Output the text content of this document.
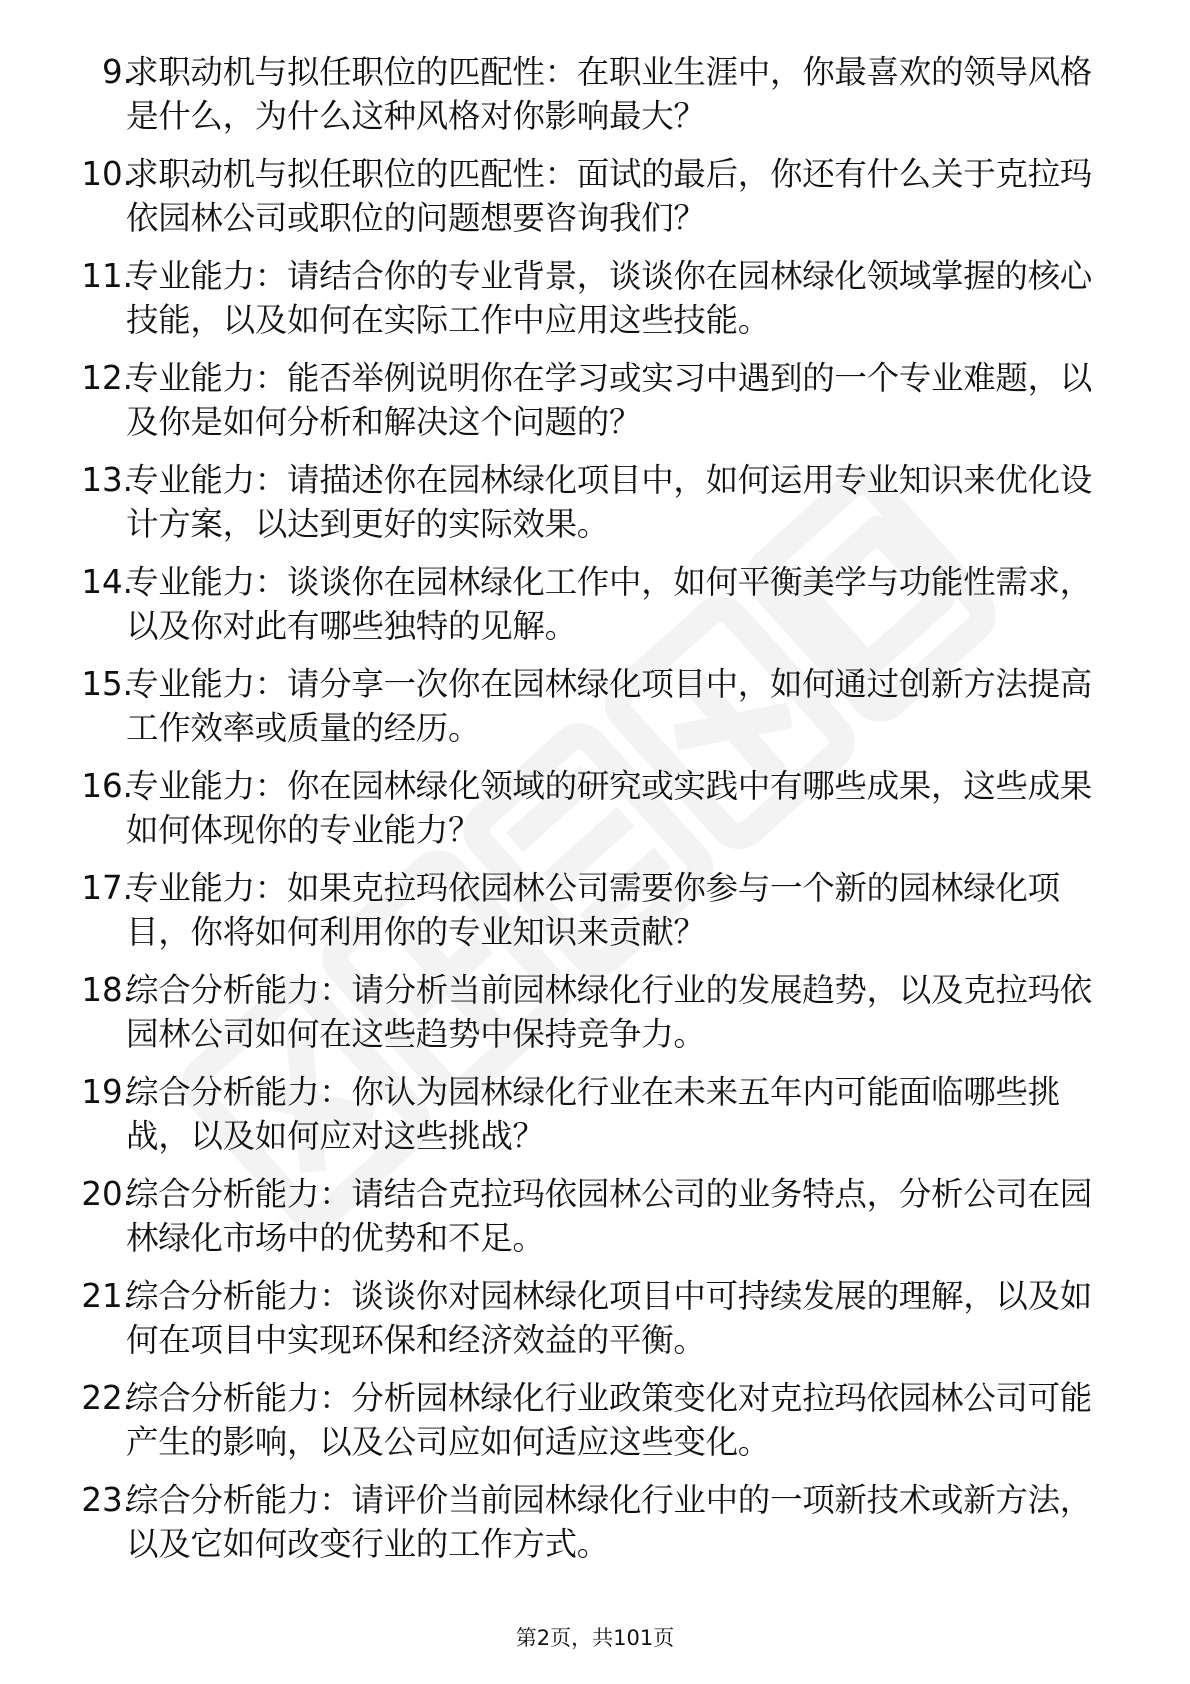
9.
求职动机与拟任职位的匹配性：在职业生涯中，你最喜欢的领导风格是什么，为什么这种风格对你影响最大？
10.
求职动机与拟任职位的匹配性：面试的最后，你还有什么关于克拉玛依园林公司或职位的问题想要咨询我们？
11.
专业能力：请结合你的专业背景，谈谈你在园林绿化领域掌握的核心技能，以及如何在实际工作中应用这些技能。
12.
专业能力：能否举例说明你在学习或实习中遇到的一个专业难题，以及你是如何分析和解决这个问题的？
13.
专业能力：请描述你在园林绿化项目中，如何运用专业知识来优化设计方案，以达到更好的实际效果。
14.
专业能力：谈谈你在园林绿化工作中，如何平衡美学与功能性需求，以及你对此有哪些独特的见解。
15.
专业能力：请分享一次你在园林绿化项目中，如何通过创新方法提高工作效率或质量的经历。
16.
专业能力：你在园林绿化领域的研究或实践中有哪些成果，这些成果如何体现你的专业能力？
17.
专业能力：如果克拉玛依园林公司需要你参与一个新的园林绿化项目，你将如何利用你的专业知识来贡献？
18.
综合分析能力：请分析当前园林绿化行业的发展趋势，以及克拉玛依园林公司如何在这些趋势中保持竞争力。
19.
综合分析能力：你认为园林绿化行业在未来五年内可能面临哪些挑战，以及如何应对这些挑战？
20.
综合分析能力：请结合克拉玛依园林公司的业务特点，分析公司在园林绿化市场中的优势和不足。
21.
综合分析能力：谈谈你对园林绿化项目中可持续发展的理解，以及如何在项目中实现环保和经济效益的平衡。
22.
综合分析能力：分析园林绿化行业政策变化对克拉玛依园林公司可能产生的影响，以及公司应如何适应这些变化。
23.
综合分析能力：请评价当前园林绿化行业中的一项新技术或新方法，以及它如何改变行业的工作方式。
第2页，共101页
